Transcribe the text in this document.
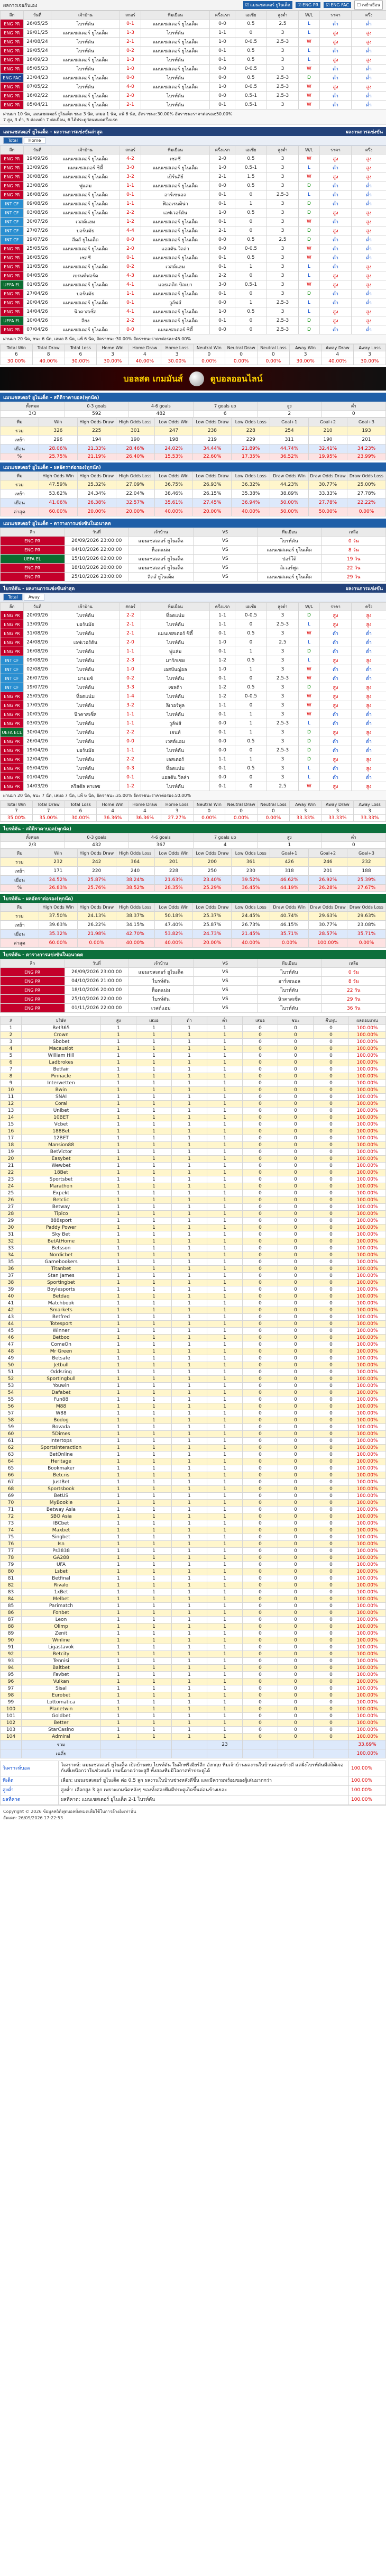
ผลการเจอกันเอง	☑ แมนเชสเตอร์ ยูไนเต็ด ☑ ENG PR ☑ ENG FAC ☐ เหย้าเยือน
ลีก	วันที่	เจ้าบ้าน	สกอร์	ทีมเยือน	ครึ่งแรก	เอเชีย	สูงต่ำ	W/L	ราคา	ครึ่ง
ENG PR	26/05/25	ไบรท์ตัน	0-1	แมนเชสเตอร์ ยูไนเต็ด	0-0	0.5	2.5	L	ต่ำ	ต่ำ
ENG PR	19/01/25	แมนเชสเตอร์ ยูไนเต็ด	1-3	ไบรท์ตัน	1-1	0	3	L	สูง	สูง
ENG PR	24/08/24	ไบรท์ตัน	2-1	แมนเชสเตอร์ ยูไนเต็ด	1-0	0-0.5	2.5-3	W	สูง	สูง
ENG PR	19/05/24	ไบรท์ตัน	0-2	แมนเชสเตอร์ ยูไนเต็ด	0-1	0.5	3	L	ต่ำ	ต่ำ
ENG PR	16/09/23	แมนเชสเตอร์ ยูไนเต็ด	1-3	ไบรท์ตัน	0-1	0.5	3	L	สูง	สูง
ENG PR	05/05/23	ไบรท์ตัน	1-0	แมนเชสเตอร์ ยูไนเต็ด	0-0	0-0.5	3	W	ต่ำ	ต่ำ
ENG FAC	23/04/23	แมนเชสเตอร์ ยูไนเต็ด	0-0	ไบรท์ตัน	0-0	0.5	2.5-3	D	ต่ำ	ต่ำ
ENG PR	07/05/22	ไบรท์ตัน	4-0	แมนเชสเตอร์ ยูไนเต็ด	1-0	0-0.5	2.5-3	W	สูง	สูง
ENG PR	16/02/22	แมนเชสเตอร์ ยูไนเต็ด	2-0	ไบรท์ตัน	0-0	0.5-1	2.5-3	W	ต่ำ	ต่ำ
ENG PR	05/04/21	แมนเชสเตอร์ ยูไนเต็ด	2-1	ไบรท์ตัน	0-1	0.5-1	3	W	ต่ำ	ต่ำ
ผ่านมา 10 นัด, แมนเชสเตอร์ ยูไนเต็ด ชนะ 3 นัด, เสมอ 1 นัด, แพ้ 6 นัด, อัตราชนะ:30.00% อัตราชนะราคาต่อรอง:50.00%
7 สูง, 3 ต่ำ, 5 ต่อเหย้า 7 ต่อเยือน, 6 ได้ประตูก่อนหมดครึ่งแรก
แมนเชสเตอร์ ยูไนเต็ด - ผลงานการแข่งขันล่าสุด	ผลงานการแข่งขัน
Total	Home
ลีก	วันที่	เจ้าบ้าน	สกอร์	ทีมเยือน	ครึ่งแรก	เอเชีย	สูงต่ำ	W/L	ราคา	ครึ่ง
ENG PR	19/09/26	แมนเชสเตอร์ ยูไนเต็ด	4-2	เชลซี	2-0	0.5	3	W	สูง	สูง
ENG PR	13/09/26	แมนเชสเตอร์ ซิตี้	3-0	แมนเชสเตอร์ ยูไนเต็ด	1-0	0.5-1	3	L	ต่ำ	สูง
ENG PR	30/08/26	แมนเชสเตอร์ ยูไนเต็ด	3-2	เบิร์นลีย์	2-1	1.5	3	W	สูง	สูง
ENG PR	23/08/26	ฟูแล่ม	1-1	แมนเชสเตอร์ ยูไนเต็ด	0-0	0.5	3	D	ต่ำ	ต่ำ
ENG PR	16/08/26	แมนเชสเตอร์ ยูไนเต็ด	0-1	อาร์เซนอล	0-1	0	2.5-3	L	ต่ำ	ต่ำ
INT CF	09/08/26	แมนเชสเตอร์ ยูไนเต็ด	1-1	ฟิออเรนติน่า	0-1	1	3	D	ต่ำ	ต่ำ
INT CF	03/08/26	แมนเชสเตอร์ ยูไนเต็ด	2-2	เอฟเวอร์ตัน	1-0	0.5	3	D	สูง	สูง
INT CF	30/07/26	เวสต์แฮม	1-2	แมนเชสเตอร์ ยูไนเต็ด	0-1	0	3	W	ต่ำ	สูง
INT CF	27/07/26	บอร์นมัธ	4-4	แมนเชสเตอร์ ยูไนเต็ด	2-1	0	3	D	สูง	สูง
INT CF	19/07/26	ลีดส์ ยูไนเต็ด	0-0	แมนเชสเตอร์ ยูไนเต็ด	0-0	0.5	2.5	D	ต่ำ	ต่ำ
ENG PR	25/05/26	แมนเชสเตอร์ ยูไนเต็ด	2-0	แอสตัน วิลล่า	0-0	0-0.5	3	W	ต่ำ	ต่ำ
ENG PR	16/05/26	เชลซี	0-1	แมนเชสเตอร์ ยูไนเต็ด	0-1	0.5	3	W	ต่ำ	ต่ำ
ENG PR	11/05/26	แมนเชสเตอร์ ยูไนเต็ด	0-2	เวสต์แฮม	0-1	1	3	L	ต่ำ	สูง
ENG PR	04/05/26	เบรนท์ฟอร์ด	4-3	แมนเชสเตอร์ ยูไนเต็ด	2-2	0	3	L	สูง	สูง
UEFA EL	01/05/26	แมนเชสเตอร์ ยูไนเต็ด	4-1	แอธเลติก บิลเบา	3-0	0.5-1	3	W	สูง	สูง
ENG PR	27/04/26	บอร์นมัธ	1-1	แมนเชสเตอร์ ยูไนเต็ด	0-1	0	3	D	ต่ำ	ต่ำ
ENG PR	20/04/26	แมนเชสเตอร์ ยูไนเต็ด	0-1	วูล์ฟส์	0-0	1	2.5-3	L	ต่ำ	ต่ำ
ENG PR	14/04/26	นิวคาสเซิ่ล	4-1	แมนเชสเตอร์ ยูไนเต็ด	1-0	0.5	3	L	สูง	สูง
UEFA EL	10/04/26	ลียง	2-2	แมนเชสเตอร์ ยูไนเต็ด	0-1	0	2.5-3	D	สูง	สูง
ENG PR	07/04/26	แมนเชสเตอร์ ยูไนเต็ด	0-0	แมนเชสเตอร์ ซิตี้	0-0	0	2.5-3	D	ต่ำ	ต่ำ
ผ่านมา 20 นัด, ชนะ 6 นัด, เสมอ 8 นัด, แพ้ 6 นัด, อัตราชนะ:30.00% อัตราชนะราคาต่อรอง:45.00%
Total Win	Total Draw	Total Loss	Home Win	Home Draw	Home Loss	Neutral Win	Neutral Draw	Neutral Loss	Away Win	Away Draw	Away Loss
6	8	6	3	4	3	0	0	0	3	4	3
30.00%	40.00%	30.00%	30.00%	40.00%	30.00%	0.00%	0.00%	0.00%	30.00%	40.00%	30.00%
บอลสด เกมมันส์	ดูบอลออนไลน์
แมนเชสเตอร์ ยูไนเต็ด - สถิติราคาบอล(ทุกนัด)
ทั้งหมด	0-3 goals	4-6 goals	7 goals up	สูง	ต่ำ
3/3	592	482	6	2	0
ทีม	Win	High Odds Draw	High Odds Loss	Low Odds Win	Low Odds Draw	Low Odds Loss	Goal+1	Goal+2	Goal+3
รวม	326	225	301	247	238	228	254	210	193
เหย้า	296	194	190	198	219	229	311	190	201
เยือน	28.06%	21.33%	28.46%	24.02%	34.44%	21.89%	44.74%	32.41%	34.23%
%	25.75%	21.19%	26.40%	15.53%	22.60%	17.35%	36.52%	19.95%	23.99%
แมนเชสเตอร์ ยูไนเต็ด - ผลอัตราต่อรอง(ทุกนัด)
ทีม	High Odds Win	High Odds Draw	High Odds Loss	Low Odds Win	Low Odds Draw	Low Odds Loss	Draw Odds Win	Draw Odds Draw	Draw Odds Loss
รวม	47.59%	25.32%	27.09%	36.75%	26.93%	36.32%	44.23%	30.77%	25.00%
เหย้า	53.62%	24.34%	22.04%	38.46%	26.15%	35.38%	38.89%	33.33%	27.78%
เยือน	41.06%	26.38%	32.57%	35.61%	27.45%	36.94%	50.00%	27.78%	22.22%
ล่าสุด	60.00%	20.00%	20.00%	40.00%	20.00%	40.00%	50.00%	50.00%	0.00%
แมนเชสเตอร์ ยูไนเต็ด - ตารางการแข่งขันในอนาคต
ลีก	วันที่	เจ้าบ้าน	VS	ทีมเยือน	เหลือ
ENG PR	26/09/2026 23:00:00	แมนเชสเตอร์ ยูไนเต็ด	VS	ไบรท์ตัน	0 วัน
ENG PR	04/10/2026 22:00:00	ท็อตแน่ม	VS	แมนเชสเตอร์ ยูไนเต็ด	8 วัน
UEFA EL	15/10/2026 02:00:00	แมนเชสเตอร์ ยูไนเต็ด	VS	ปอร์โต้	19 วัน
ENG PR	18/10/2026 20:00:00	แมนเชสเตอร์ ยูไนเต็ด	VS	ลิเวอร์พูล	22 วัน
ENG PR	25/10/2026 23:00:00	ลีดส์ ยูไนเต็ด	VS	แมนเชสเตอร์ ยูไนเต็ด	29 วัน
ไบรท์ตัน - ผลงานการแข่งขันล่าสุด	ผลงานการแข่งขัน
Total	Away
ลีก	วันที่	เจ้าบ้าน	สกอร์	ทีมเยือน	ครึ่งแรก	เอเชีย	สูงต่ำ	W/L	ราคา	ครึ่ง
ENG PR	20/09/26	ไบรท์ตัน	2-2	ท็อตแน่ม	1-1	0-0.5	3	D	สูง	สูง
ENG PR	13/09/26	บอร์นมัธ	2-1	ไบรท์ตัน	1-1	0	2.5-3	L	สูง	สูง
ENG PR	31/08/26	ไบรท์ตัน	2-1	แมนเชสเตอร์ ซิตี้	0-1	0.5	3	W	ต่ำ	ต่ำ
ENG PR	24/08/26	เอฟเวอร์ตัน	2-0	ไบรท์ตัน	1-0	0	2.5	L	ต่ำ	ต่ำ
ENG PR	16/08/26	ไบรท์ตัน	1-1	ฟูแล่ม	0-1	1	3	D	ต่ำ	ต่ำ
INT CF	09/08/26	ไบรท์ตัน	2-3	มาร์กเซย	1-2	0.5	3	L	สูง	สูง
INT CF	02/08/26	ไบรท์ตัน	1-0	เอสปันญ่อล	1-0	1	3	W	ต่ำ	ต่ำ
INT CF	26/07/26	มายนซ์	0-2	ไบรท์ตัน	0-1	0	2.5-3	W	ต่ำ	ต่ำ
INT CF	19/07/26	ไบรท์ตัน	3-3	เซลต้า	1-2	0.5	3	D	สูง	สูง
ENG PR	25/05/26	ท็อตแน่ม	1-4	ไบรท์ตัน	1-2	0-0.5	3	W	สูง	สูง
ENG PR	17/05/26	ไบรท์ตัน	3-2	ลิเวอร์พูล	1-1	0	3	W	สูง	สูง
ENG PR	10/05/26	นิวคาสเซิ่ล	1-1	ไบรท์ตัน	0-1	1	3	W	ต่ำ	ต่ำ
ENG PR	03/05/26	ไบรท์ตัน	1-1	วูล์ฟส์	0-0	1	2.5-3	L	ต่ำ	ต่ำ
UEFA ECL	30/04/26	ไบรท์ตัน	2-2	เจนท์	0-1	1	3	D	สูง	สูง
ENG PR	26/04/26	ไบรท์ตัน	0-0	เวสต์แฮม	0-0	0.5	3	D	ต่ำ	ต่ำ
ENG PR	19/04/26	บอร์นมัธ	1-1	ไบรท์ตัน	0-0	0	2.5-3	D	ต่ำ	ต่ำ
ENG PR	12/04/26	ไบรท์ตัน	2-2	เลสเตอร์	1-1	1	3	D	สูง	สูง
ENG PR	05/04/26	ไบรท์ตัน	0-3	ท็อตแน่ม	0-1	0.5	3	L	ต่ำ	สูง
ENG PR	01/04/26	ไบรท์ตัน	0-1	แอสตัน วิลล่า	0-0	0	3	L	ต่ำ	ต่ำ
ENG PR	14/03/26	คริสตัล พาเลซ	1-2	ไบรท์ตัน	0-1	0	2.5	W	สูง	สูง
ผ่านมา 20 นัด, ชนะ 7 นัด, เสมอ 7 นัด, แพ้ 6 นัด, อัตราชนะ:35.00% อัตราชนะราคาต่อรอง:50.00%
Total Win	Total Draw	Total Loss	Home Win	Home Draw	Home Loss	Neutral Win	Neutral Draw	Neutral Loss	Away Win	Away Draw	Away Loss
7	7	6	4	4	3	0	0	0	3	3	3
35.00%	35.00%	30.00%	36.36%	36.36%	27.27%	0.00%	0.00%	0.00%	33.33%	33.33%	33.33%
ไบรท์ตัน - สถิติราคาบอล(ทุกนัด)
ทั้งหมด	0-3 goals	4-6 goals	7 goals up	สูง	ต่ำ
2/3	432	367	4	1	0
ทีม	Win	High Odds Draw	High Odds Loss	Low Odds Win	Low Odds Draw	Low Odds Loss	Goal+1	Goal+2	Goal+3
รวม	232	242	364	201	200	361	426	246	232
เหย้า	171	220	240	228	250	230	318	201	188
เยือน	24.52%	25.87%	38.24%	21.63%	23.40%	39.52%	46.62%	26.92%	25.39%
%	26.83%	25.76%	38.52%	28.35%	25.29%	36.45%	44.19%	26.28%	27.67%
ไบรท์ตัน - ผลอัตราต่อรอง(ทุกนัด)
ทีม	High Odds Win	High Odds Draw	High Odds Loss	Low Odds Win	Low Odds Draw	Low Odds Loss	Draw Odds Win	Draw Odds Draw	Draw Odds Loss
รวม	37.50%	24.13%	38.37%	50.18%	25.37%	24.45%	40.74%	29.63%	29.63%
เหย้า	39.63%	26.22%	34.15%	47.40%	25.87%	26.73%	46.15%	30.77%	23.08%
เยือน	35.32%	21.98%	42.70%	53.82%	24.73%	21.45%	35.71%	28.57%	35.71%
ล่าสุด	60.00%	0.00%	40.00%	40.00%	20.00%	40.00%	0.00%	100.00%	0.00%
ไบรท์ตัน - ตารางการแข่งขันในอนาคต
ลีก	วันที่	เจ้าบ้าน	VS	ทีมเยือน	เหลือ
ENG PR	26/09/2026 23:00:00	แมนเชสเตอร์ ยูไนเต็ด	VS	ไบรท์ตัน	0 วัน
ENG PR	04/10/2026 21:00:00	ไบรท์ตัน	VS	อาร์เซนอล	8 วัน
ENG PR	18/10/2026 20:00:00	ท็อตแน่ม	VS	ไบรท์ตัน	22 วัน
ENG PR	25/10/2026 22:00:00	ไบรท์ตัน	VS	นิวคาสเซิ่ล	29 วัน
ENG PR	01/11/2026 22:00:00	เวสต์แฮม	VS	ไบรท์ตัน	36 วัน
#	บริษัท	สูง	เสมอ	ต่ำ	ต่ำ	เสมอ	ชนะ	คืนทุน	ผลตอบแทน
1	Bet365	1	1	1	1	0	0	0	100.00%
2	Crown	1	1	1	1	0	0	0	100.00%
3	Sbobet	1	1	1	1	0	0	0	100.00%
4	Macauslot	1	1	1	1	0	0	0	100.00%
5	William Hill	1	1	1	1	0	0	0	100.00%
6	Ladbrokes	1	1	1	1	0	0	0	100.00%
7	Betfair	1	1	1	1	0	0	0	100.00%
8	Pinnacle	1	1	1	1	0	0	0	100.00%
9	Interwetten	1	1	1	1	0	0	0	100.00%
10	Bwin	1	1	1	1	0	0	0	100.00%
11	SNAI	1	1	1	1	0	0	0	100.00%
12	Coral	1	1	1	1	0	0	0	100.00%
13	Unibet	1	1	1	1	0	0	0	100.00%
14	10BET	1	1	1	1	0	0	0	100.00%
15	Vcbet	1	1	1	1	0	0	0	100.00%
16	188Bet	1	1	1	1	0	0	0	100.00%
17	12BET	1	1	1	1	0	0	0	100.00%
18	Mansion88	1	1	1	1	0	0	0	100.00%
19	BetVictor	1	1	1	1	0	0	0	100.00%
20	Easybet	1	1	1	1	0	0	0	100.00%
21	Wewbet	1	1	1	1	0	0	0	100.00%
22	18Bet	1	1	1	1	0	0	0	100.00%
23	Sportsbet	1	1	1	1	0	0	0	100.00%
24	Marathon	1	1	1	1	0	0	0	100.00%
25	Expekt	1	1	1	1	0	0	0	100.00%
26	Betclic	1	1	1	1	0	0	0	100.00%
27	Betway	1	1	1	1	0	0	0	100.00%
28	Tipico	1	1	1	1	0	0	0	100.00%
29	888sport	1	1	1	1	0	0	0	100.00%
30	Paddy Power	1	1	1	1	0	0	0	100.00%
31	Sky Bet	1	1	1	1	0	0	0	100.00%
32	BetAtHome	1	1	1	1	0	0	0	100.00%
33	Betsson	1	1	1	1	0	0	0	100.00%
34	Nordicbet	1	1	1	1	0	0	0	100.00%
35	Gamebookers	1	1	1	1	0	0	0	100.00%
36	Titanbet	1	1	1	1	0	0	0	100.00%
37	Stan James	1	1	1	1	0	0	0	100.00%
38	Sportingbet	1	1	1	1	0	0	0	100.00%
39	Boylesports	1	1	1	1	0	0	0	100.00%
40	Betdaq	1	1	1	1	0	0	0	100.00%
41	Matchbook	1	1	1	1	0	0	0	100.00%
42	Smarkets	1	1	1	1	0	0	0	100.00%
43	Betfred	1	1	1	1	0	0	0	100.00%
44	Totesport	1	1	1	1	0	0	0	100.00%
45	Winner	1	1	1	1	0	0	0	100.00%
46	Betboo	1	1	1	1	0	0	0	100.00%
47	ComeOn	1	1	1	1	0	0	0	100.00%
48	Mr Green	1	1	1	1	0	0	0	100.00%
49	Betsafe	1	1	1	1	0	0	0	100.00%
50	Jetbull	1	1	1	1	0	0	0	100.00%
51	Oddsring	1	1	1	1	0	0	0	100.00%
52	Sportingbull	1	1	1	1	0	0	0	100.00%
53	Youwin	1	1	1	1	0	0	0	100.00%
54	Dafabet	1	1	1	1	0	0	0	100.00%
55	Fun88	1	1	1	1	0	0	0	100.00%
56	M88	1	1	1	1	0	0	0	100.00%
57	W88	1	1	1	1	0	0	0	100.00%
58	Bodog	1	1	1	1	0	0	0	100.00%
59	Bovada	1	1	1	1	0	0	0	100.00%
60	5Dimes	1	1	1	1	0	0	0	100.00%
61	Intertops	1	1	1	1	0	0	0	100.00%
62	Sportsinteraction	1	1	1	1	0	0	0	100.00%
63	BetOnline	1	1	1	1	0	0	0	100.00%
64	Heritage	1	1	1	1	0	0	0	100.00%
65	Bookmaker	1	1	1	1	0	0	0	100.00%
66	Betcris	1	1	1	1	0	0	0	100.00%
67	JustBet	1	1	1	1	0	0	0	100.00%
68	Sportsbook	1	1	1	1	0	0	0	100.00%
69	BetUS	1	1	1	1	0	0	0	100.00%
70	MyBookie	1	1	1	1	0	0	0	100.00%
71	Betway Asia	1	1	1	1	0	0	0	100.00%
72	SBO Asia	1	1	1	1	0	0	0	100.00%
73	IBCbet	1	1	1	1	0	0	0	100.00%
74	Maxbet	1	1	1	1	0	0	0	100.00%
75	Singbet	1	1	1	1	0	0	0	100.00%
76	Isn	1	1	1	1	0	0	0	100.00%
77	Ps3838	1	1	1	1	0	0	0	100.00%
78	GA288	1	1	1	1	0	0	0	100.00%
79	UFA	1	1	1	1	0	0	0	100.00%
80	Lsbet	1	1	1	1	0	0	0	100.00%
81	Betfinal	1	1	1	1	0	0	0	100.00%
82	Rivalo	1	1	1	1	0	0	0	100.00%
83	1xBet	1	1	1	1	0	0	0	100.00%
84	Melbet	1	1	1	1	0	0	0	100.00%
85	Parimatch	1	1	1	1	0	0	0	100.00%
86	Fonbet	1	1	1	1	0	0	0	100.00%
87	Leon	1	1	1	1	0	0	0	100.00%
88	Olimp	1	1	1	1	0	0	0	100.00%
89	Zenit	1	1	1	1	0	0	0	100.00%
90	Winline	1	1	1	1	0	0	0	100.00%
91	Ligastavok	1	1	1	1	0	0	0	100.00%
92	Betcity	1	1	1	1	0	0	0	100.00%
93	Tennisi	1	1	1	1	0	0	0	100.00%
94	Baltbet	1	1	1	1	0	0	0	100.00%
95	Favbet	1	1	1	1	0	0	0	100.00%
96	Vulkan	1	1	1	1	0	0	0	100.00%
97	Sisal	1	1	1	1	0	0	0	100.00%
98	Eurobet	1	1	1	1	0	0	0	100.00%
99	Lottomatica	1	1	1	1	0	0	0	100.00%
100	Planetwin	1	1	1	1	0	0	0	100.00%
101	Goldbet	1	1	1	1	0	0	0	100.00%
102	Better	1	1	1	1	0	0	0	100.00%
103	StarCasino	1	1	1	1	0	0	0	100.00%
104	Admiral	1	1	1	1	0	0	0	100.00%
	รวม				23				33.69%
	เฉลี่ย								100.00%
วิเคราะห์บอล	วิเคราะห์: แมนเชสเตอร์ ยูไนเต็ด เปิดบ้านพบ ไบรท์ตัน ในศึกพรีเมียร์ลีก อังกฤษ ทีมเจ้าบ้านผลงานในบ้านค่อนข้างดี แต่ฝั่งไบรท์ตันมีสถิติเจอกันที่เหนือกว่าในช่วงหลัง เกมนี้คาดว่าจะสูสี ทั้งสองทีมมีโอกาสทำประตูได้	100.00%
ทีเด็ด	เลือก: แมนเชสเตอร์ ยูไนเต็ด ต่อ 0.5 ลูก ผลงานในบ้านช่วงหลังดีขึ้น และมีความพร้อมของผู้เล่นมากกว่า	100.00%
สูงต่ำ	สูงต่ำ: เลือกสูง 3 ลูก เพราะเกมนัดหลังๆ ของทั้งสองทีมมีประตูเกิดขึ้นค่อนข้างเยอะ	100.00%
ผลที่คาด	ผลที่คาด: แมนเชสเตอร์ ยูไนเต็ด 2-1 ไบรท์ตัน	100.00%
Copyright © 2026 ข้อมูลสถิติฟุตบอลทั้งหมดเพื่อใช้ในการอ้างอิงเท่านั้น
อัพเดท: 26/09/2026 17:22:53
